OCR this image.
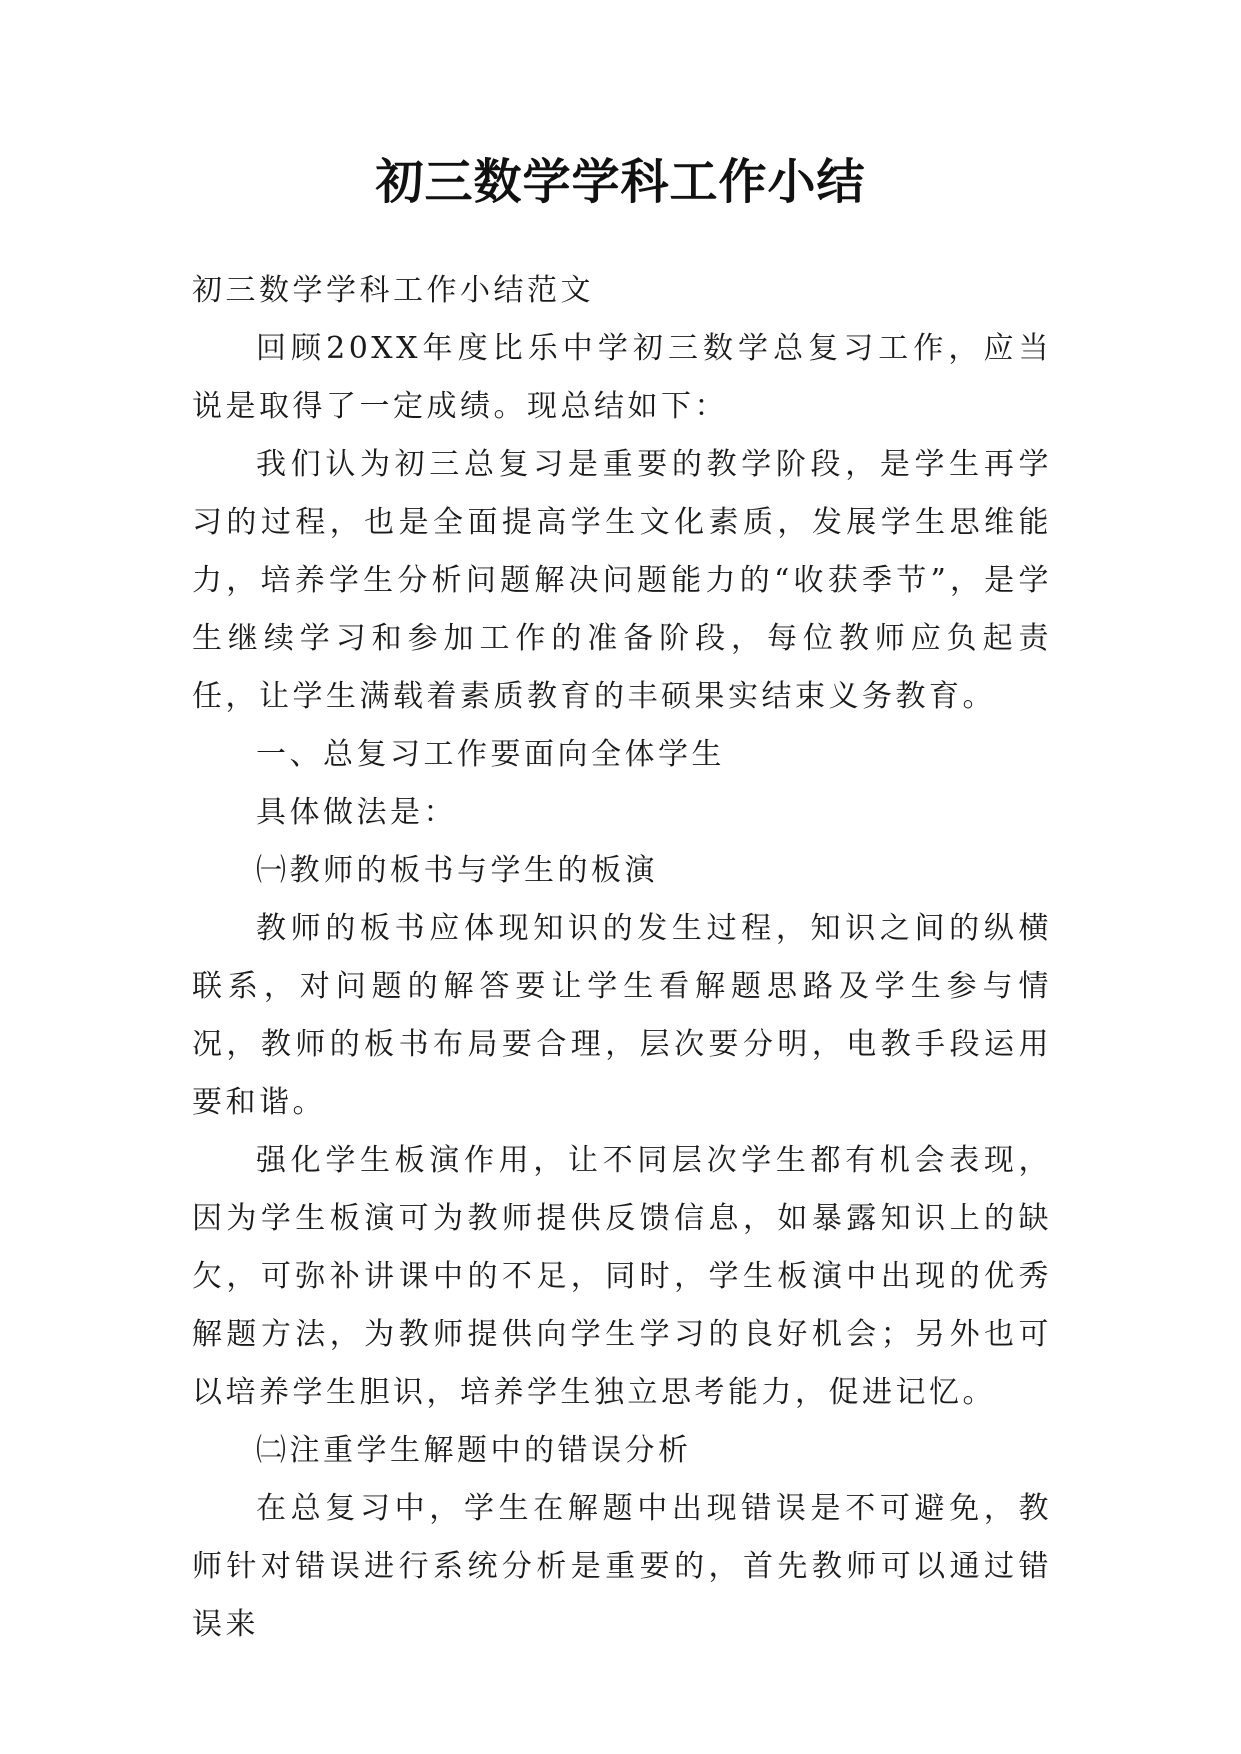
初三数学学科工作小结

初三数学学科工作小结范文

回顾20XX年度比乐中学初三数学总复习工作，应当说是取得了一定成绩。现总结如下：

我们认为初三总复习是重要的教学阶段，是学生再学习的过程，也是全面提高学生文化素质，发展学生思维能力，培养学生分析问题解决问题能力的“收获季节”，是学生继续学习和参加工作的准备阶段，每位教师应负起责任，让学生满载着素质教育的丰硕果实结束义务教育。

一、总复习工作要面向全体学生

具体做法是：

㈠教师的板书与学生的板演

教师的板书应体现知识的发生过程，知识之间的纵横联系，对问题的解答要让学生看解题思路及学生参与情况，教师的板书布局要合理，层次要分明，电教手段运用要和谐。

强化学生板演作用，让不同层次学生都有机会表现，因为学生板演可为教师提供反馈信息，如暴露知识上的缺欠，可弥补讲课中的不足，同时，学生板演中出现的优秀解题方法，为教师提供向学生学习的良好机会；另外也可以培养学生胆识，培养学生独立思考能力，促进记忆。

㈡注重学生解题中的错误分析

在总复习中，学生在解题中出现错误是不可避免，教师针对错误进行系统分析是重要的，首先教师可以通过错误来
